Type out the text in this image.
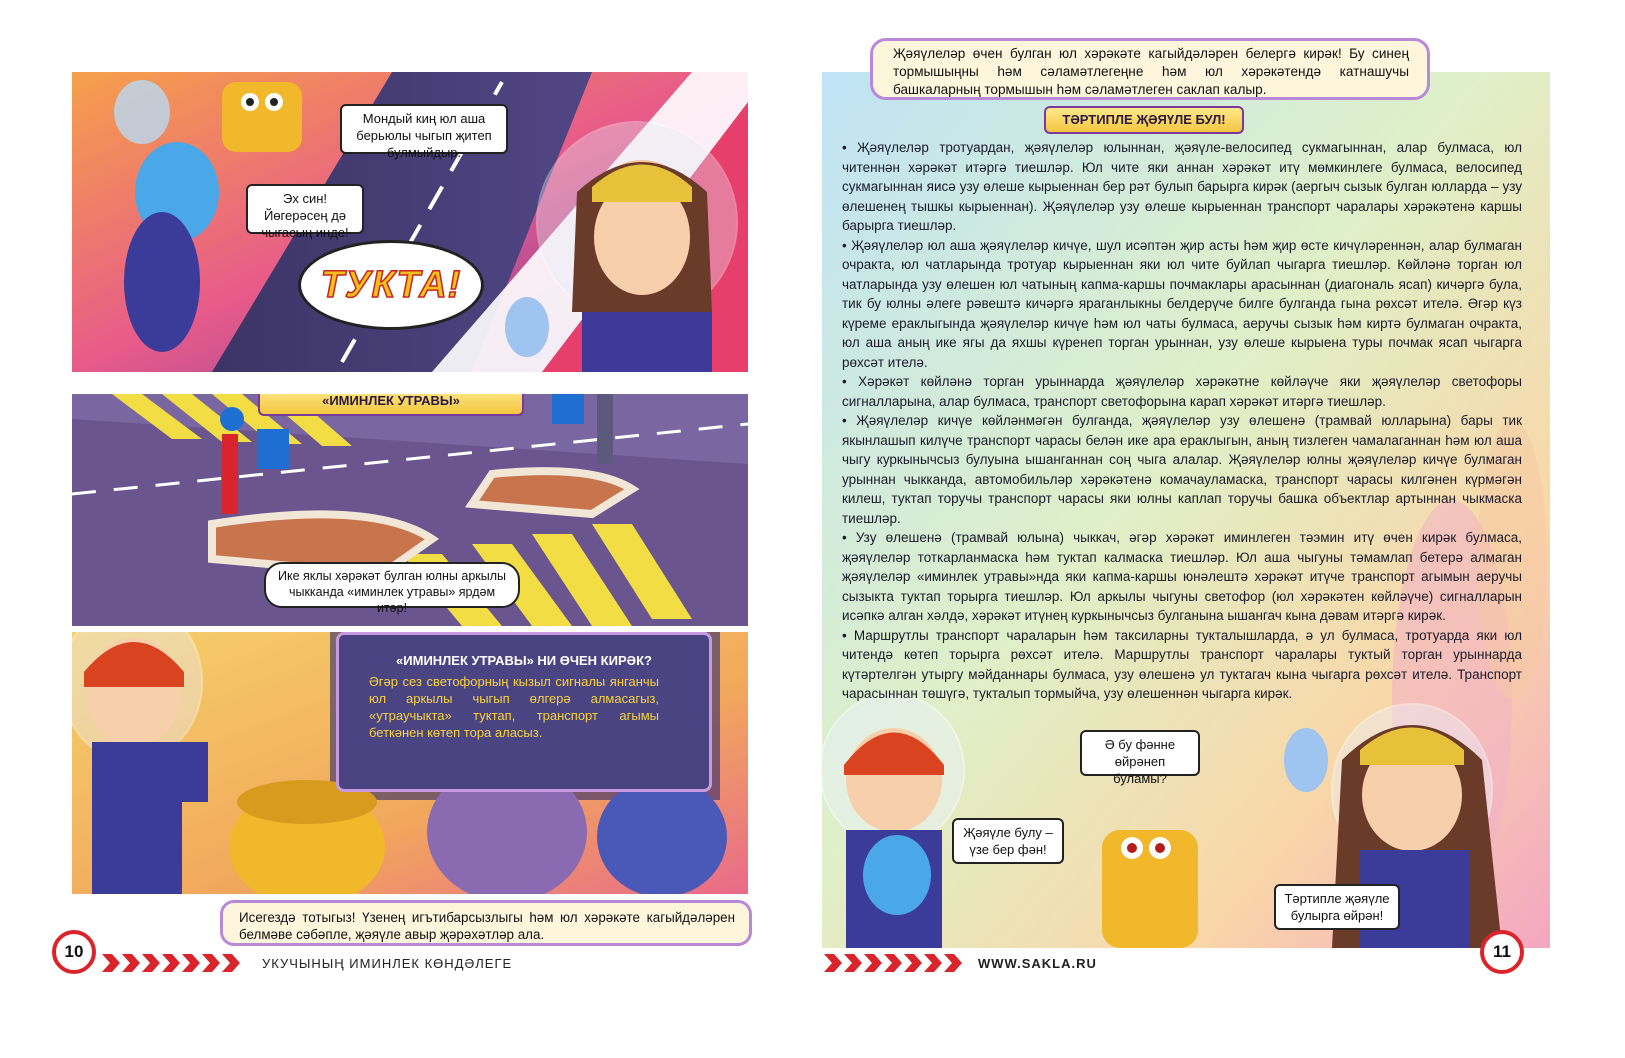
Мондый киң юл аша берьюлы чыгып җитеп булмыйдыр.
Эх син! Йөгерәсең дә чыгасың инде!
ТУКТА!
«ИМИНЛЕК УТРАВЫ»
Ике яклы хәрәкәт булган юлны аркылы чыкканда «иминлек утравы» ярдәм итәр!
«ИМИНЛЕК УТРАВЫ» НИ ӨЧЕН КИРӘК?
Әгәр сез светофорның кызыл сигналы янганчы юл аркылы чыгып өлгерә алмасагыз, «утраучыкта» туктап, транспорт агымы беткәнен көтеп тора аласыз.
Исегездә тотыгыз! Үзенең игътибарсызлыгы һәм юл хәрәкәте кагыйдәләрен белмәве сәбәпле, җәяүле авыр җәрәхәтләр ала.
10
УКУЧЫНЫҢ ИМИНЛЕК КӨНДӘЛЕГЕ
Җәяүлеләр өчен булган юл хәрәкәте кагыйдәләрен белергә кирәк! Бу синең тормышыңны һәм сәламәтлегеңне һәм юл хәрәкәтендә катнашучы башкаларның тормышын һәм сәламәтлеген саклап калыр.
ТӘРТИПЛЕ ҖӘЯҮЛЕ БУЛ!

• Җәяүлеләр тротуардан, җәяүлеләр юлыннан, җәяүле-велосипед сукмагыннан, алар булмаса, юл читеннән хәрәкәт итәргә тиешләр. Юл чите яки аннан хәрәкәт итү мөмкинлеге булмаса, велосипед сукмагыннан яисә узу өлеше кырыеннан бер рәт булып барырга кирәк (аергыч сызык булган юлларда – узу өлешенең тышкы кырыеннан). Җәяүлеләр узу өлеше кырыеннан транспорт чаралары хәрәкәтенә каршы барырга тиешләр.

• Җәяүлеләр юл аша җәяүлеләр кичүе, шул исәптән җир асты һәм җир өсте кичүләреннән, алар булмаган очракта, юл чатларында тротуар кырыеннан яки юл чите буйлап чыгарга тиешләр. Көйләнә торган юл чатларында узу өлешен юл чатының капма-каршы почмаклары арасыннан (диагональ ясап) кичәргә була, тик бу юлны әлеге рәвештә кичәргә яраганлыкны белдерүче билге булганда гына рөхсәт ителә. Әгәр күз күреме ераклыгында җәяүлеләр кичүе һәм юл чаты булмаса, аеручы сызык һәм киртә булмаган очракта, юл аша аның ике ягы да яхшы күренеп торган урыннан, узу өлеше кырыена туры почмак ясап чыгарга рөхсәт ителә.

• Хәрәкәт көйләнә торган урыннарда җәяүлеләр хәрәкәтне көйләүче яки җәяүлеләр светофоры сигналларына, алар булмаса, транспорт светофорына карап хәрәкәт итәргә тиешләр.

• Җәяүлеләр кичүе көйләнмәгән булганда, җәяүлеләр узу өлешенә (трамвай юлларына) бары тик якынлашып килүче транспорт чарасы белән ике ара ераклыгын, аның тизлеген чамалаганнан һәм юл аша чыгу куркынычсыз булуына ышанганнан соң чыга алалар. Җәяүлеләр юлны җәяүлеләр кичүе булмаган урыннан чыкканда, автомобильләр хәрәкәтенә комачауламаска, транспорт чарасы килгәнен күрмәгән килеш, туктап торучы транспорт чарасы яки юлны каплап торучы башка объектлар артыннан чыкмаска тиешләр.

• Узу өлешенә (трамвай юлына) чыккач, әгәр хәрәкәт иминлеген тәэмин итү өчен кирәк булмаса, җәяүлеләр тоткарланмаска һәм туктап калмаска тиешләр. Юл аша чыгуны тәмамлап бетерә алмаган җәяүлеләр «иминлек утравы»нда яки капма-каршы юнәлештә хәрәкәт итүче транспорт агымын аеручы сызыкта туктап торырга тиешләр. Юл аркылы чыгуны светофор (юл хәрәкәтен көйләүче) сигналларын исәпкә алган хәлдә, хәрәкәт итүнең куркынычсыз булганына ышангач кына дәвам итәргә кирәк.

• Маршрутлы транспорт чараларын һәм таксиларны тукталышларда, ә ул булмаса, тротуарда яки юл читендә көтеп торырга рөхсәт ителә. Маршрутлы транспорт чаралары туктый торган урыннарда күтәртелгән утыргу мәйданнары булмаса, узу өлешенә ул туктагач кына чыгарга рөхсәт ителә. Транспорт чарасыннан төшүгә, тукталып тормыйча, узу өлешеннән чыгарга кирәк.

Җәяүле булу – үзе бер фән!
Ә бу фәнне өйрәнеп буламы?
Тәртипле җәяүле булырга өйрән!
WWW.SAKLA.RU
11
